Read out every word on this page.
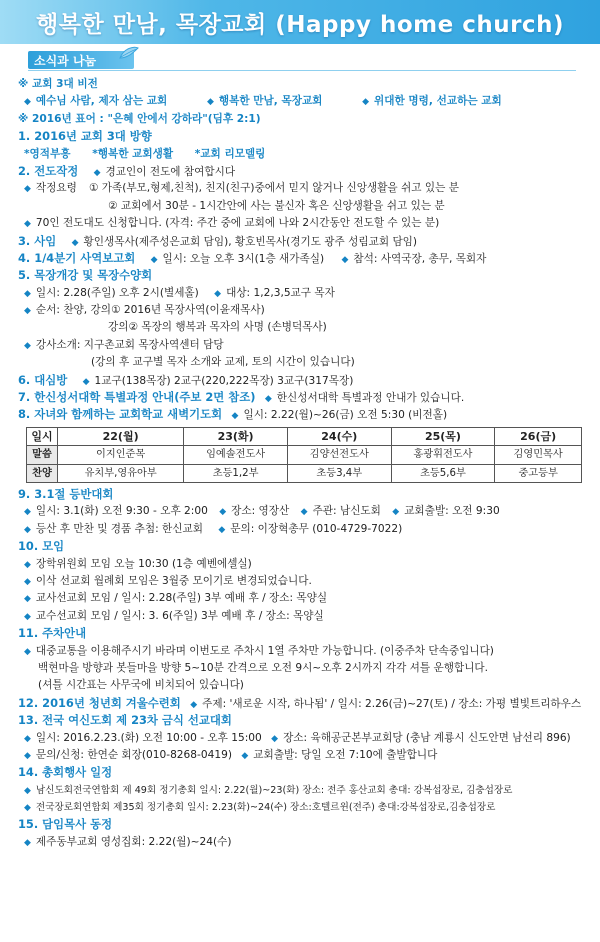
행복한 만남, 목장교회 (Happy home church)
소식과 나눔
※ 교회 3대 비전
◆ 예수님 사람, 제자 삼는 교회	◆ 행복한 만남, 목장교회	◆ 위대한 명령, 선교하는 교회
※ 2016년 표어 : "은혜 안에서 강하라"(딤후 2:1)
1. 2016년 교회 3대 방향
*영적부흥 *행복한 교회생활 *교회 리모델링
2. 전도작정 ◆ 경교인이 전도에 참여합시다
◆ 작정요령 ① 가족(부모,형제,친척), 친지(친구)중에서 믿지 않거나 신앙생활을 쉬고 있는 분
② 교회에서 30분 - 1시간안에 사는 불신자 혹은 신앙생활을 쉬고 있는 분
◆ 70인 전도대도 신청합니다. (자격: 주간 중에 교회에 나와 2시간동안 전도할 수 있는 분)
3. 사임 ◆ 황인생목사(제주성은교회 담임), 황호빈목사(경기도 광주 성림교회 담임)
4. 1/4분기 사역보고회 ◆ 일시: 오늘 오후 3시(1층 새가족실) ◆ 참석: 사역국장, 총무, 목회자
5. 목장개강 및 목장수양회
◆ 일시: 2.28(주일) 오후 2시(별세홀) ◆ 대상: 1,2,3,5교구 목자
◆ 순서: 찬양, 강의① 2016년 목장사역(이윤재목사)
강의② 목장의 행복과 목자의 사명 (손병덕목사)
◆ 강사소개: 지구촌교회 목장사역센터 담당
(강의 후 교구별 목자 소개와 교제, 토의 시간이 있습니다)
6. 대심방 ◆ 1교구(138목장) 2교구(220,222목장) 3교구(317목장)
7. 한신성서대학 특별과정 안내(주보 2면 참조) ◆ 한신성서대학 특별과정 안내가 있습니다.
8. 자녀와 함께하는 교회학교 새벽기도회 ◆ 일시: 2.22(월)~26(금) 오전 5:30 (비전홀)
일시	22(월)	23(화)	24(수)	25(목)	26(금)
말씀	이지인준목	임예솔전도사	김양선전도사	홍광휘전도사	김영민목사
찬양	유치부,영유아부	초등1,2부	초등3,4부	초등5,6부	중고등부
9. 3.1절 등반대회
◆ 일시: 3.1(화) 오전 9:30 - 오후 2:00 ◆ 장소: 영장산 ◆ 주관: 남신도회 ◆ 교회출발: 오전 9:30
◆ 등산 후 만찬 및 경품 추첨: 한신교회 ◆ 문의: 이장혁총무 (010-4729-7022)
10. 모임
◆ 장학위원회 모임 오늘 10:30 (1층 예벤에셀실)
◆ 이삭 선교회 월례회 모임은 3월중 모이기로 변경되었습니다.
◆ 교사선교회 모임 / 일시: 2.28(주일) 3부 예배 후 / 장소: 목양실
◆ 교수선교회 모임 / 일시: 3. 6(주일) 3부 예배 후 / 장소: 목양실
11. 주차안내
◆ 대중교통을 이용해주시기 바라며 이번도로 주차시 1열 주차만 가능합니다. (이중주차 단속중입니다)
백현마을 방향과 봇들마을 방향 5~10분 간격으로 오전 9시~오후 2시까지 각각 셔틀 운행합니다.
(셔틀 시간표는 사무국에 비치되어 있습니다)
12. 2016년 청년회 겨울수련회 ◆ 주제: '새로운 시작, 하나됨' / 일시: 2.26(금)~27(토) / 장소: 가평 별빛트리하우스
13. 전국 여신도회 제 23차 금식 선교대회
◆ 일시: 2016.2.23.(화) 오전 10:00 - 오후 15:00 ◆ 장소: 육해공군본부교회당 (충남 계룡시 신도안면 남선리 896)
◆ 문의/신청: 한연순 회장(010-8268-0419) ◆ 교회출발: 당일 오전 7:10에 출발합니다
14. 총회행사 일정
◆ 남신도회전국연합회 제 49회 정기총회 일시: 2.22(월)~23(화) 장소: 전주 홍산교회 총대: 강복섭장로, 김충섭장로
◆ 전국장로회연합회 제35회 정기총회 일시: 2.23(화)~24(수) 장소:호텔르윈(전주) 총대:강복섭장로,김충섭장로
15. 담임목사 동정
◆ 제주동부교회 영성집회: 2.22(월)~24(수)
